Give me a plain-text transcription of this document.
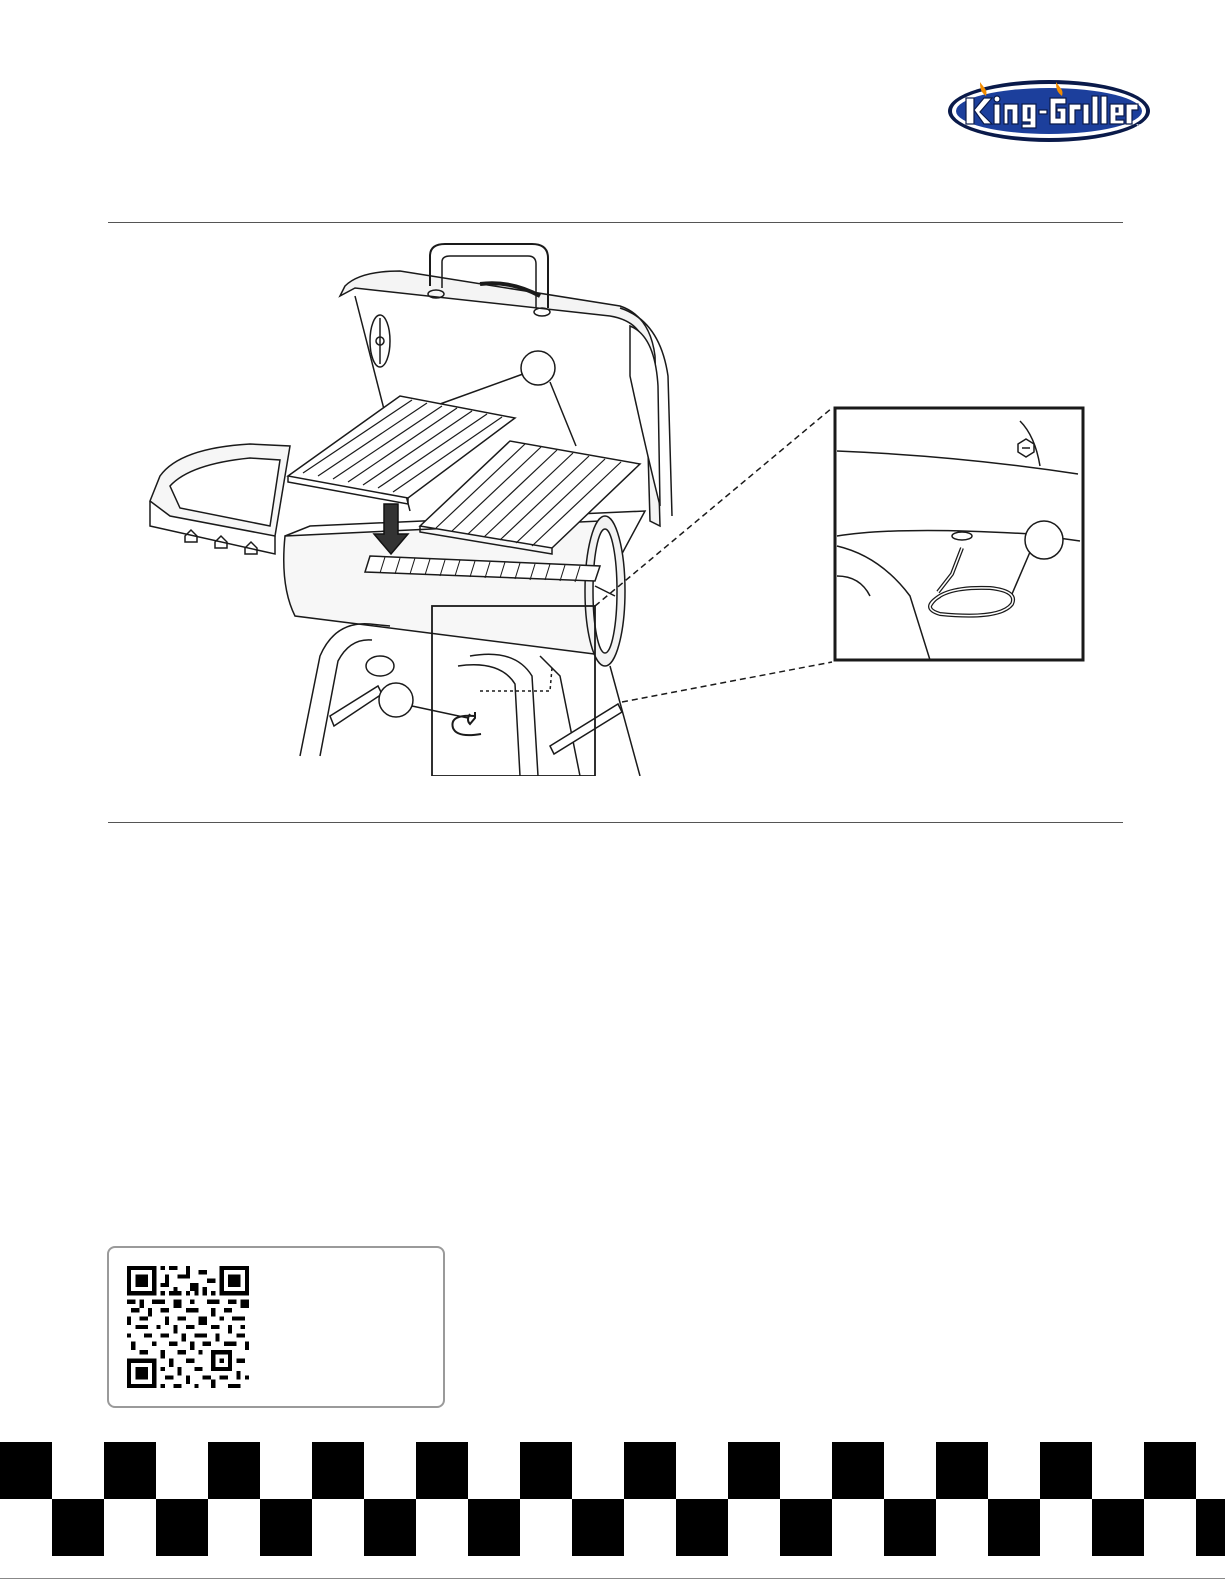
TM
